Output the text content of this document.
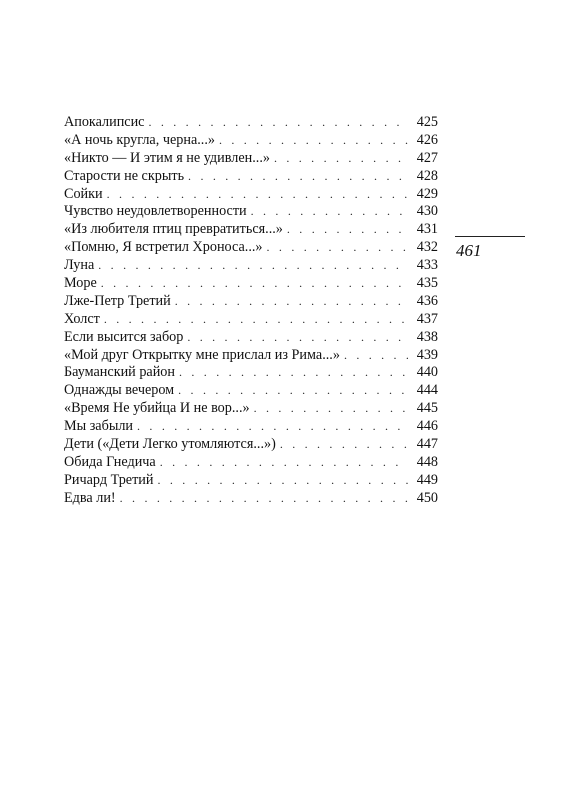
Апокалипсис . . .	425
«А ночь кругла, черна...» . . .	426
«Никто — И этим я не удивлен...» . . .	427
Старости не скрыть . . .	428
Сойки . . .	429
Чувство неудовлетворенности . . .	430
«Из любителя птиц превратиться...» . . .	431
«Помню, Я встретил Хроноса...» . . .	432
Луна . . .	433
Море . . .	435
Лже-Петр Третий . . .	436
Холст . . .	437
Если высится забор . . .	438
«Мой друг Открытку мне прислал из Рима...» . . .	439
Бауманский район . . .	440
Однажды вечером . . .	444
«Время Не убийца И не вор...» . . .	445
Мы забыли . . .	446
Дети («Дети Легко утомляются...») . . .	447
Обида Гнедича . . .	448
Ричард Третий . . .	449
Едва ли! . . .	450
461
